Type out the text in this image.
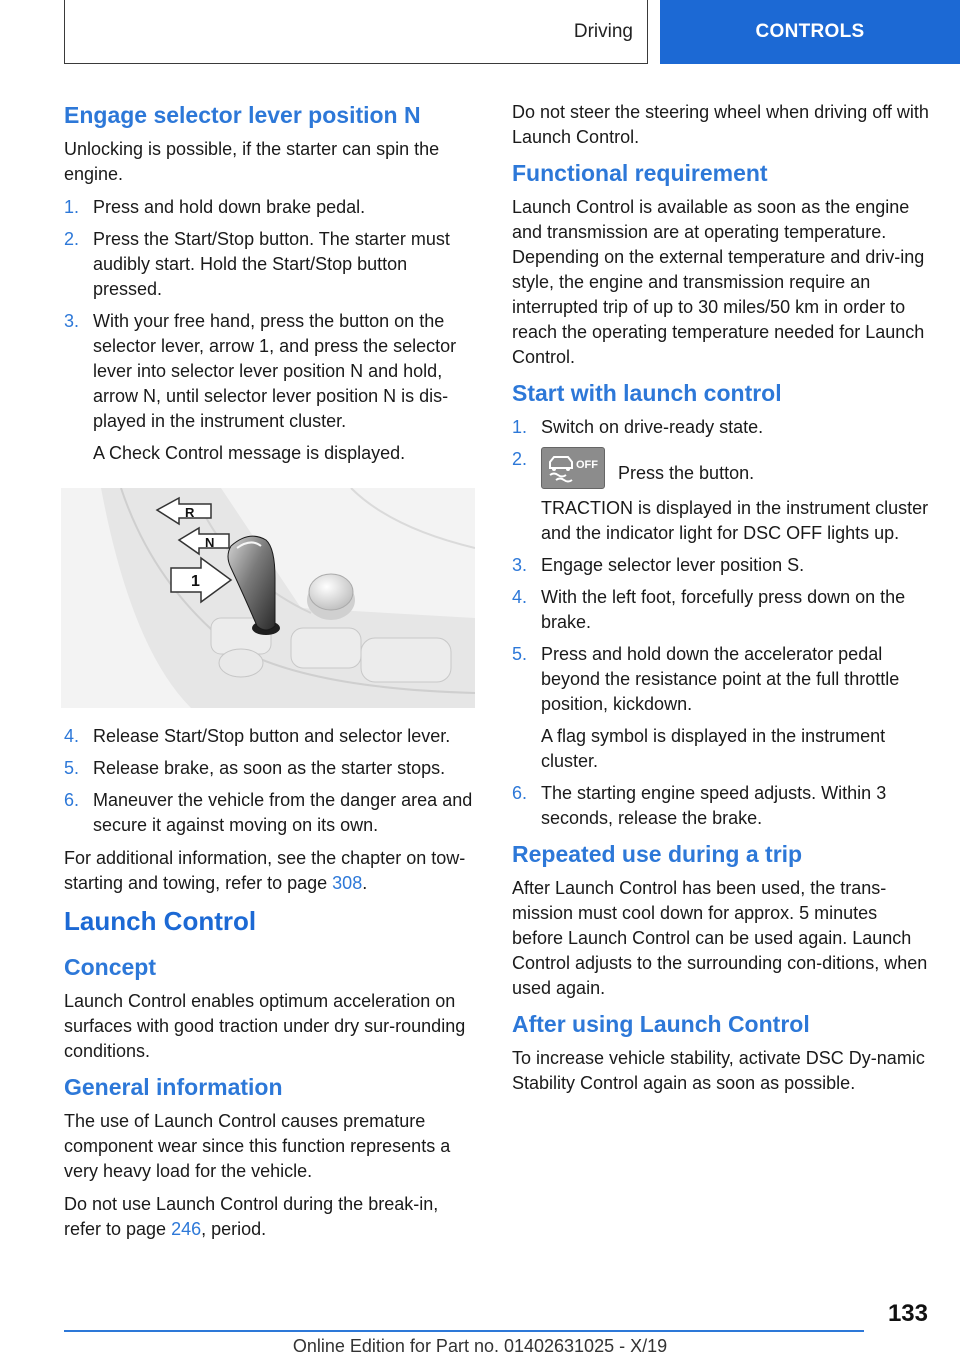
Driving	CONTROLS
Engage selector lever position N

Unlocking is possible, if the starter can spin the engine.

1. Press and hold down brake pedal.
2. Press the Start/Stop button. The starter must audibly start. Hold the Start/Stop button pressed.
3. With your free hand, press the button on the selector lever, arrow 1, and press the selector lever into selector lever position N and hold, arrow N, until selector lever position N is dis‐played in the instrument cluster.
A Check Control message is displayed.
R
N
1
4. Release Start/Stop button and selector lever.
5. Release brake, as soon as the starter stops.
6. Maneuver the vehicle from the danger area and secure it against moving on its own.

For additional information, see the chapter on tow-starting and towing, refer to page 308.

Launch Control
Concept

Launch Control enables optimum acceleration on surfaces with good traction under dry sur‐rounding conditions.

General information

The use of Launch Control causes premature component wear since this function represents a very heavy load for the vehicle.

Do not use Launch Control during the break-in, refer to page 246, period.

Do not steer the steering wheel when driving off with Launch Control.

Functional requirement

Launch Control is available as soon as the engine and transmission are at operating temperature. Depending on the external temperature and driv‐ing style, the engine and transmission require an interrupted trip of up to 30 miles/50 km in order to reach the operating temperature needed for Launch Control.

Start with launch control
1. Switch on drive-ready state.
2.	OFF Press the button.
TRACTION is displayed in the instrument cluster and the indicator light for DSC OFF lights up.
3. Engage selector lever position S.
4. With the left foot, forcefully press down on the brake.
5. Press and hold down the accelerator pedal beyond the resistance point at the full throttle position, kickdown.
A flag symbol is displayed in the instrument cluster.
6. The starting engine speed adjusts. Within 3 seconds, release the brake.
Repeated use during a trip

After Launch Control has been used, the trans‐mission must cool down for approx. 5 minutes before Launch Control can be used again. Launch Control adjusts to the surrounding con‐ditions, when used again.

After using Launch Control

To increase vehicle stability, activate DSC Dy‐namic Stability Control again as soon as possible.

133
Online Edition for Part no. 01402631025 - X/19
